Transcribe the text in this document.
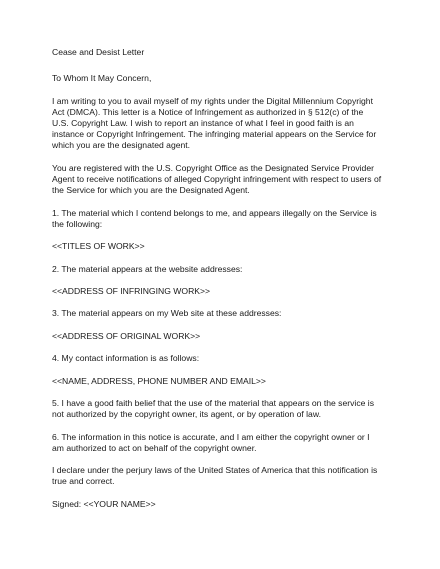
Cease and Desist Letter

To Whom It May Concern,

I am writing to you to avail myself of my rights under the Digital Millennium Copyright Act (DMCA). This letter is a Notice of Infringement as authorized in § 512(c) of the U.S. Copyright Law. I wish to report an instance of what I feel in good faith is an instance or Copyright Infringement. The infringing material appears on the Service for which you are the designated agent.

You are registered with the U.S. Copyright Office as the Designated Service Provider Agent to receive notifications of alleged Copyright infringement with respect to users of the Service for which you are the Designated Agent.

1. The material which I contend belongs to me, and appears illegally on the Service is the following:

<<TITLES OF WORK>>

2. The material appears at the website addresses:

<<ADDRESS OF INFRINGING WORK>>

3. The material appears on my Web site at these addresses:

<<ADDRESS OF ORIGINAL WORK>>

4. My contact information is as follows:

<<NAME, ADDRESS, PHONE NUMBER AND EMAIL>>

5. I have a good faith belief that the use of the material that appears on the service is not authorized by the copyright owner, its agent, or by operation of law.

6. The information in this notice is accurate, and I am either the copyright owner or I am authorized to act on behalf of the copyright owner.

I declare under the perjury laws of the United States of America that this notification is true and correct.

Signed: <<YOUR NAME>>
